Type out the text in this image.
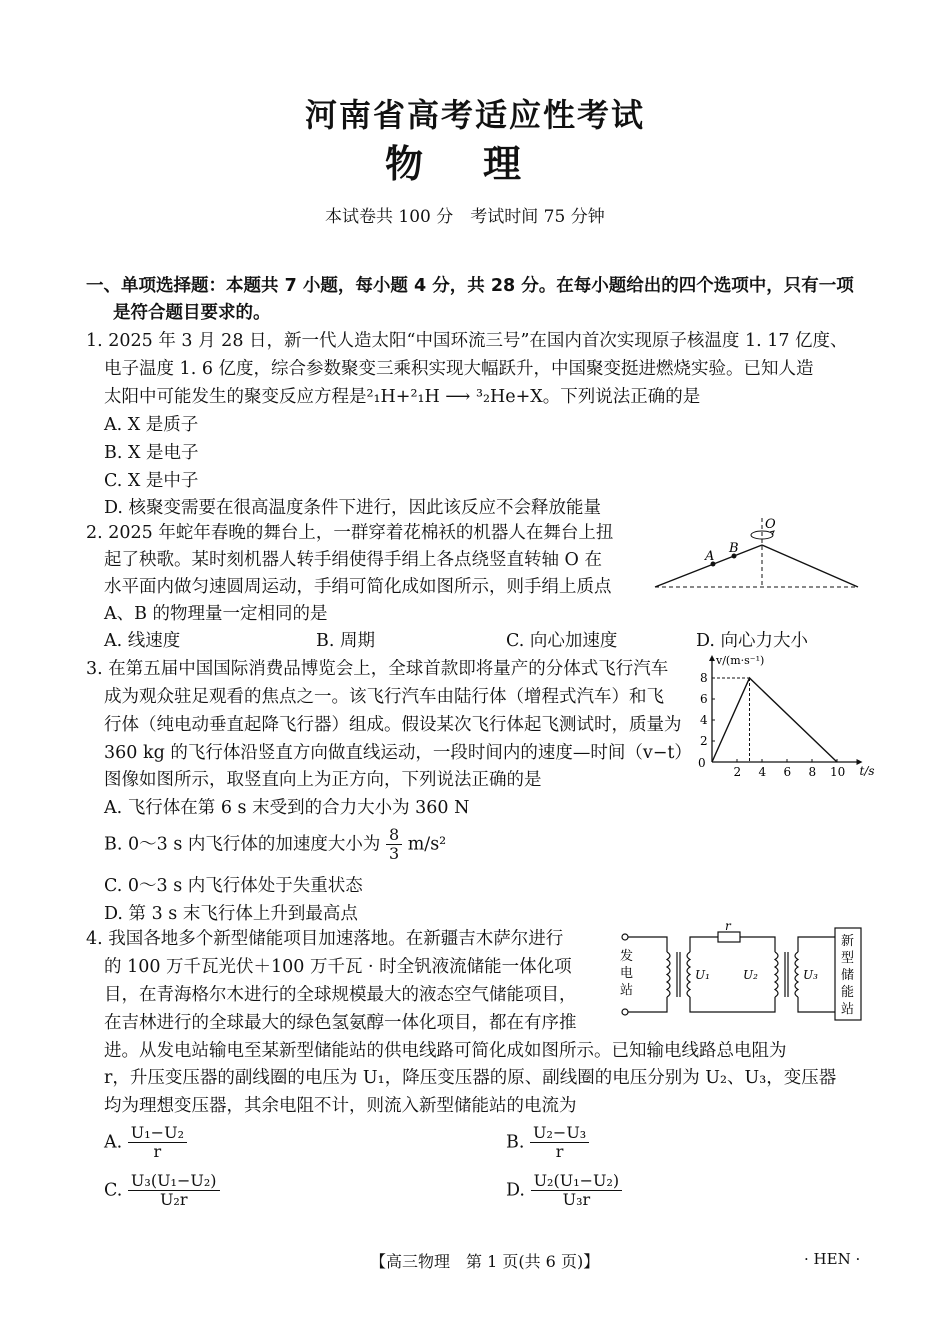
河南省高考适应性考试
物理
本试卷共 100 分　考试时间 75 分钟
一、单项选择题：本题共 7 小题，每小题 4 分，共 28 分。在每小题给出的四个选项中，只有一项
是符合题目要求的。
1. 2025 年 3 月 28 日，新一代人造太阳“中国环流三号”在国内首次实现原子核温度 1. 17 亿度、
电子温度 1. 6 亿度，综合参数聚变三乘积实现大幅跃升，中国聚变挺进燃烧实验。已知人造
太阳中可能发生的聚变反应方程是²₁H+²₁H ⟶ ³₂He+X。下列说法正确的是
A. X 是质子
B. X 是电子
C. X 是中子
D. 核聚变需要在很高温度条件下进行，因此该反应不会释放能量
2. 2025 年蛇年春晚的舞台上，一群穿着花棉袄的机器人在舞台上扭
起了秧歌。某时刻机器人转手绢使得手绢上各点绕竖直转轴 O 在
水平面内做匀速圆周运动，手绢可简化成如图所示，则手绢上质点
A、B 的物理量一定相同的是
A. 线速度	B. 周期	C. 向心加速度	D. 向心力大小
A
B
O
3. 在第五届中国国际消费品博览会上，全球首款即将量产的分体式飞行汽车
成为观众驻足观看的焦点之一。该飞行汽车由陆行体（增程式汽车）和飞
行体（纯电动垂直起降飞行器）组成。假设某次飞行体起飞测试时，质量为
360 kg 的飞行体沿竖直方向做直线运动，一段时间内的速度—时间（v−t）
图像如图所示，取竖直向上为正方向，下列说法正确的是
A. 飞行体在第 6 s 末受到的合力大小为 360 N
B. 0～3 s 内飞行体的加速度大小为 $\frac{8}{3} m/s^2$
C. 0～3 s 内飞行体处于失重状态
D. 第 3 s 末飞行体上升到最高点
v/(m·s⁻¹)
t/s
0
2 4 6 8 10
2
4
6
8
4. 我国各地多个新型储能项目加速落地。在新疆吉木萨尔进行
的 100 万千瓦光伏＋100 万千瓦 · 时全钒液流储能一体化项
目，在青海格尔木进行的全球规模最大的液态空气储能项目，
在吉林进行的全球最大的绿色氢氨醇一体化项目，都在有序推
进。从发电站输电至某新型储能站的供电线路可简化成如图所示。已知输电线路总电阻为
r，升压变压器的副线圈的电压为 U₁，降压变压器的原、副线圈的电压分别为 U₂、U₃，变压器
均为理想变压器，其余电阻不计，则流入新型储能站的电流为
A. $\frac{\text{U₁−U₂}}{r}$	B. $\frac{\text{U₂−U₃}}{r}$
C. $\frac{\text{U₃(U₁−U₂)}}{\text{U₂r}}$	D. $\frac{\text{U₂(U₁−U₂)}}{\text{U₃r}}$
发
电
站
r
U₁	U₂	U₃
新
型
储
能
站
【高三物理　第 1 页(共 6 页)】	· HEN ·
